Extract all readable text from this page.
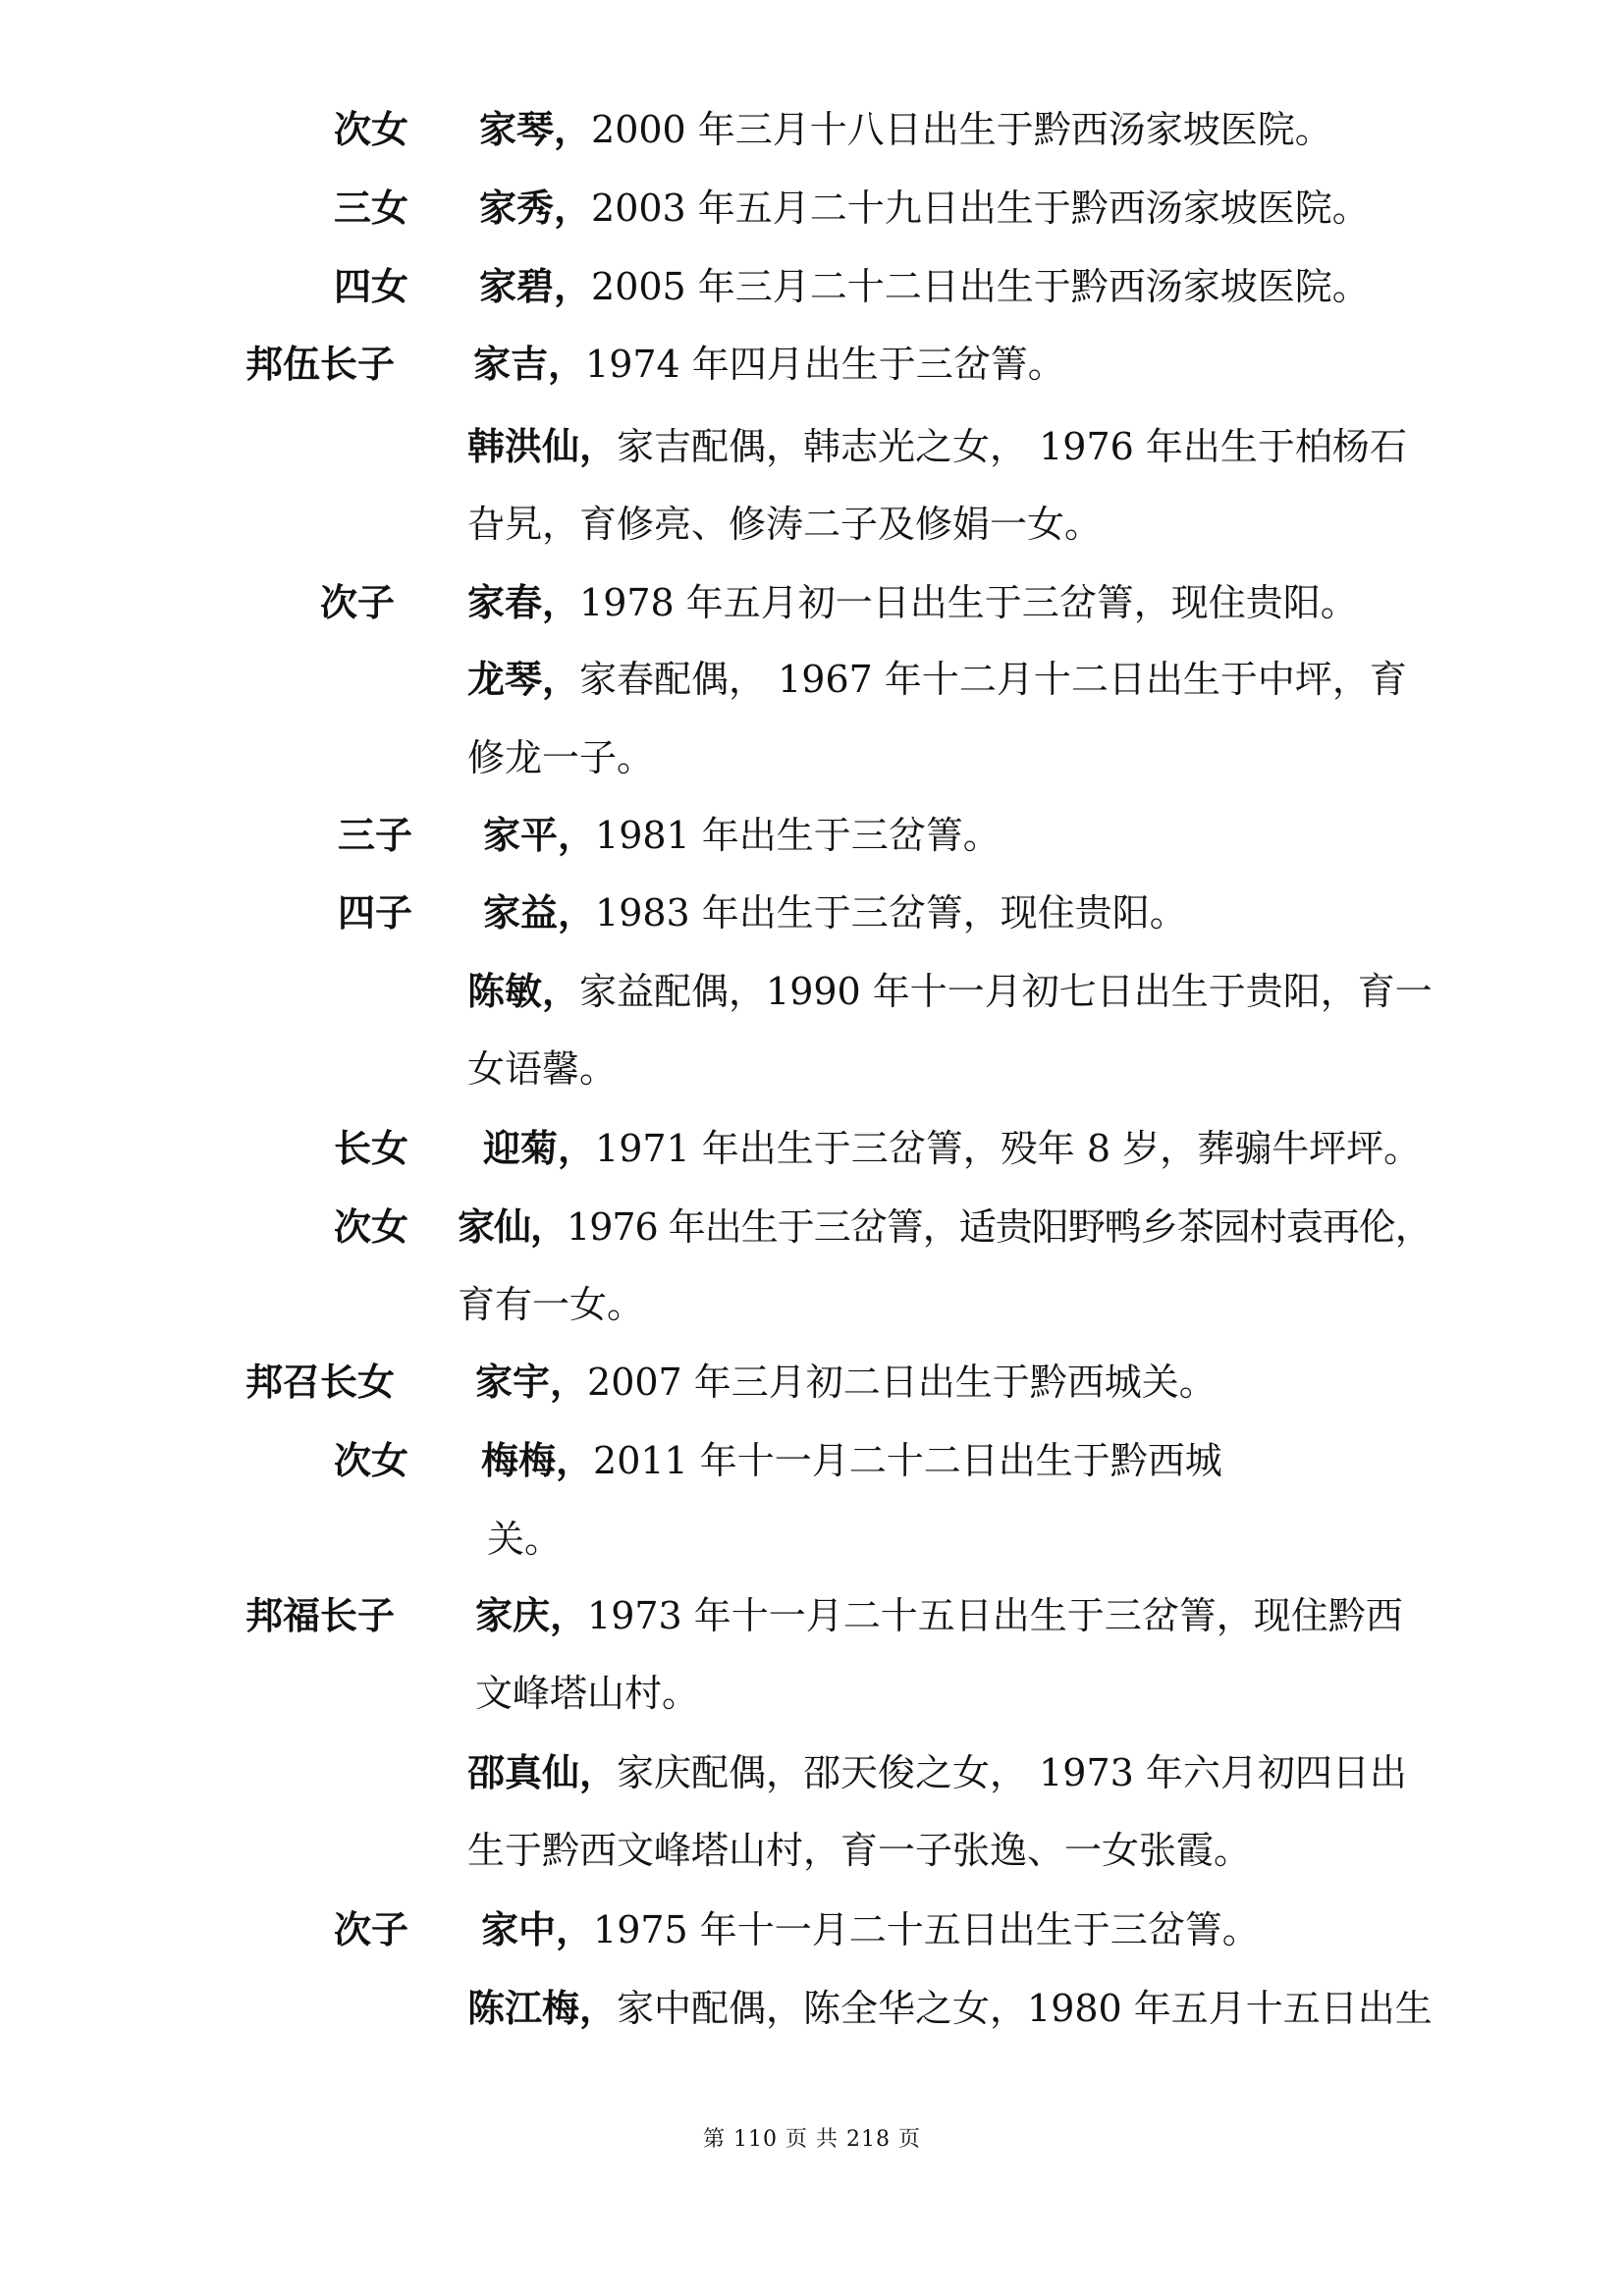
次女 家琴，2000 年三月十八日出生于黔西汤家坡医院。
三女 家秀，2003 年五月二十九日出生于黔西汤家坡医院。
四女 家碧，2005 年三月二十二日出生于黔西汤家坡医院。
邦伍长子 家吉，1974 年四月出生于三岔箐。
韩洪仙，家吉配偶，韩志光之女， 1976 年出生于柏杨石
旮旯，育修亮、修涛二子及修娟一女。
次子 家春，1978 年五月初一日出生于三岔箐，现住贵阳。
龙琴，家春配偶， 1967 年十二月十二日出生于中坪，育
修龙一子。
三子 家平，1981 年出生于三岔箐。
四子 家益，1983 年出生于三岔箐，现住贵阳。
陈敏，家益配偶，1990 年十一月初七日出生于贵阳，育一
女语馨。
长女 迎菊，1971 年出生于三岔箐，殁年 8 岁，葬骟牛坪坪。
次女 家仙，1976 年出生于三岔箐，适贵阳野鸭乡茶园村袁再伦，
育有一女。
邦召长女 家宇，2007 年三月初二日出生于黔西城关。
次女 梅梅，2011 年十一月二十二日出生于黔西城
关。
邦福长子 家庆，1973 年十一月二十五日出生于三岔箐，现住黔西
文峰塔山村。
邵真仙，家庆配偶，邵天俊之女， 1973 年六月初四日出
生于黔西文峰塔山村，育一子张逸、一女张霞。
次子 家中，1975 年十一月二十五日出生于三岔箐。
陈江梅，家中配偶，陈全华之女，1980 年五月十五日出生
第 110 页 共 218 页
